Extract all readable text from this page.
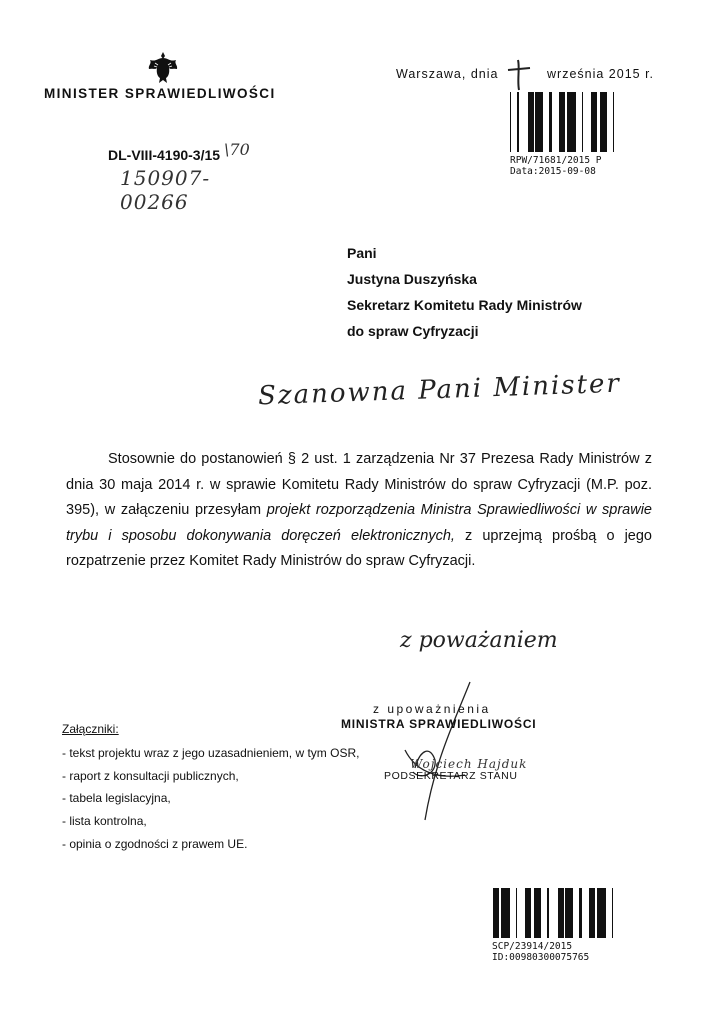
MINISTER SPRAWIEDLIWOŚCI
DL-VIII-4190-3/15 \70
150907-00266
Warszawa, dnia	września 2015 r.
RPW/71681/2015 P
Data:2015-09-08
Pani
Justyna Duszyńska
Sekretarz Komitetu Rady Ministrów
do spraw Cyfryzacji
Szanowna Pani Minister
Stosownie do postanowień § 2 ust. 1 zarządzenia Nr 37 Prezesa Rady Ministrów z dnia 30 maja 2014 r. w sprawie Komitetu Rady Ministrów do spraw Cyfryzacji (M.P. poz. 395), w załączeniu przesyłam projekt rozporządzenia Ministra Sprawiedliwości w sprawie trybu i sposobu dokonywania doręczeń elektronicznych, z uprzejmą prośbą o jego rozpatrzenie przez Komitet Rady Ministrów do spraw Cyfryzacji.
z poważaniem
z upoważnienia
MINISTRA SPRAWIEDLIWOŚCI
Wojciech Hajduk
PODSEKRETARZ STANU
Załączniki:
- tekst projektu wraz z jego uzasadnieniem, w tym OSR,
- raport z konsultacji publicznych,
- tabela legislacyjna,
- lista kontrolna,
- opinia o zgodności z prawem UE.
SCP/23914/2015
ID:00980300075765
